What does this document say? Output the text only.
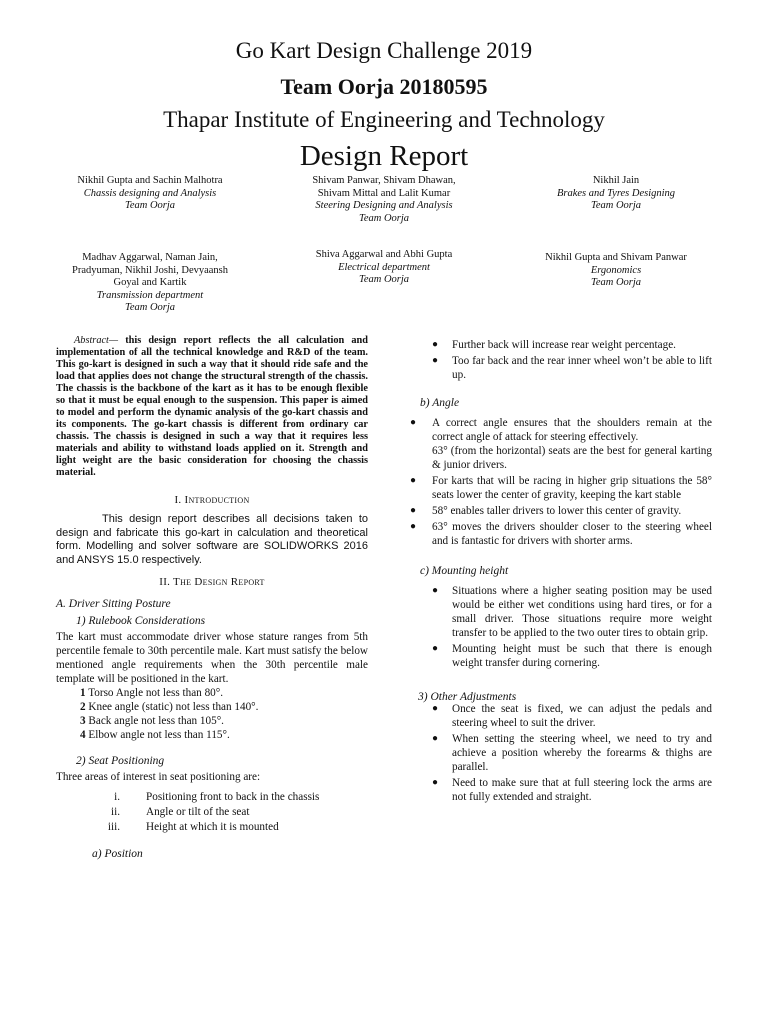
Go Kart Design Challenge 2019
Team Oorja 20180595
Thapar Institute of Engineering and Technology
Design Report
Nikhil Gupta and Sachin Malhotra
Chassis designing and Analysis
Team Oorja
Shivam Panwar, Shivam Dhawan, Shivam Mittal and Lalit Kumar
Steering Designing and Analysis
Team Oorja
Nikhil Jain
Brakes and Tyres Designing
Team Oorja
Madhav Aggarwal, Naman Jain, Pradyuman, Nikhil Joshi, Devyaansh Goyal and Kartik
Transmission department
Team Oorja
Shiva Aggarwal and Abhi Gupta
Electrical department
Team Oorja
Nikhil Gupta and Shivam Panwar
Ergonomics
Team Oorja
Abstract— this design report reflects the all calculation and implementation of all the technical knowledge and R&D of the team. This go-kart is designed in such a way that it should ride safe and the load that applies does not change the structural strength of the chassis. The chassis is the backbone of the kart as it has to be enough flexible so that it must be equal enough to the suspension. This paper is aimed to model and perform the dynamic analysis of the go-kart chassis and its components. The go-kart chassis is different from ordinary car chassis. The chassis is designed in such a way that it requires less materials and ability to withstand loads applied on it. Strength and light weight are the basic consideration for choosing the chassis material.
I. Introduction
This design report describes all decisions taken to design and fabricate this go-kart in calculation and theoretical form. Modelling and solver software are SOLIDWORKS 2016 and ANSYS 15.0 respectively.
II. The Design Report
A. Driver Sitting Posture
1) Rulebook Considerations
The kart must accommodate driver whose stature ranges from 5th percentile female to 30th percentile male. Kart must satisfy the below mentioned angle requirements when the 30th percentile male template will be positioned in the kart.
1 Torso Angle not less than 80°.
2 Knee angle (static) not less than 140°.
3 Back angle not less than 105°.
4 Elbow angle not less than 115°.
2) Seat Positioning
Three areas of interest in seat positioning are:
i.	Positioning front to back in the chassis
ii.	Angle or tilt of the seat
iii.	Height at which it is mounted
a) Position
●	Further back will increase rear weight percentage.
●	Too far back and the rear inner wheel won’t be able to lift up.
b) Angle
●	A correct angle ensures that the shoulders remain at the correct angle of attack for steering effectively.
63° (from the horizontal) seats are the best for general karting & junior drivers.
●	For karts that will be racing in higher grip situations the 58° seats lower the center of gravity, keeping the kart stable
●	58° enables taller drivers to lower this center of gravity.
●	63° moves the drivers shoulder closer to the steering wheel and is fantastic for drivers with shorter arms.
c) Mounting height
●	Situations where a higher seating position may be used would be either wet conditions using hard tires, or for a small driver. Those situations require more weight transfer to be applied to the two outer tires to obtain grip.
●	Mounting height must be such that there is enough weight transfer during cornering.
3) Other Adjustments
●	Once the seat is fixed, we can adjust the pedals and steering wheel to suit the driver.
●	When setting the steering wheel, we need to try and achieve a position whereby the forearms & thighs are parallel.
●	Need to make sure that at full steering lock the arms are not fully extended and straight.
